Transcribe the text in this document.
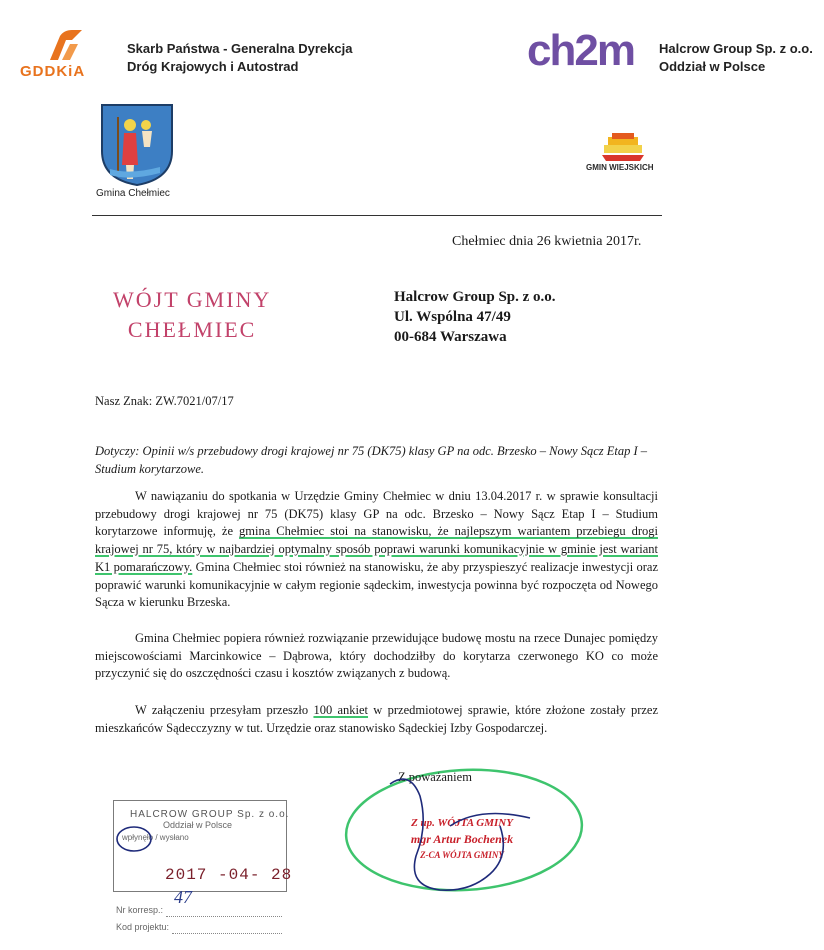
GDDKiA
Skarb Państwa - Generalna Dyrekcja
Dróg Krajowych i Autostrad	ch2m Halcrow Group Sp. z o.o.
Oddział w Polsce
Gmina Chełmiec
GMIN WIEJSKICH
Chełmiec dnia 26 kwietnia 2017r.
WÓJT GMINY
CHEŁMIEC
Halcrow Group Sp. z o.o.
Ul. Wspólna 47/49
00-684 Warszawa
Nasz Znak: ZW.7021/07/17
Dotyczy: Opinii w/s przebudowy drogi krajowej nr 75 (DK75) klasy GP na odc. Brzesko – Nowy Sącz Etap I – Studium korytarzowe.
W nawiązaniu do spotkania w Urzędzie Gminy Chełmiec w dniu 13.04.2017 r. w sprawie konsultacji przebudowy drogi krajowej nr 75 (DK75) klasy GP na odc. Brzesko – Nowy Sącz Etap I – Studium korytarzowe informuję, że gmina Chełmiec stoi na stanowisku, że najlepszym wariantem przebiegu drogi krajowej nr 75, który w najbardziej optymalny sposób poprawi warunki komunikacyjnie w gminie jest wariant K1 pomarańczowy. Gmina Chełmiec stoi również na stanowisku, że aby przyspieszyć realizacje inwestycji oraz poprawić warunki komunikacyjnie w całym regionie sądeckim, inwestycja powinna być rozpoczęta od Nowego Sącza w kierunku Brzeska.
Gmina Chełmiec popiera również rozwiązanie przewidujące budowę mostu na rzece Dunajec pomiędzy miejscowościami Marcinkowice – Dąbrowa, który dochodziłby do korytarza czerwonego KO co może przyczynić się do oszczędności czasu i kosztów związanych z budową.
W załączeniu przesyłam przeszło 100 ankiet w przedmiotowej sprawie, które złożone zostały przez mieszkańców Sądecczyzny w tut. Urzędzie oraz stanowisko Sądeckiej Izby Gospodarczej.
Z poważaniem
Z up. WÓJTA GMINY
mgr Artur Bochenek
Z-CA WÓJTA GMINY
HALCROW GROUP Sp. z o.o.
Oddział w Polsce
wpłynęło / wysłano
2017 -04- 28
Nr korresp.:
47
Kod projektu:
